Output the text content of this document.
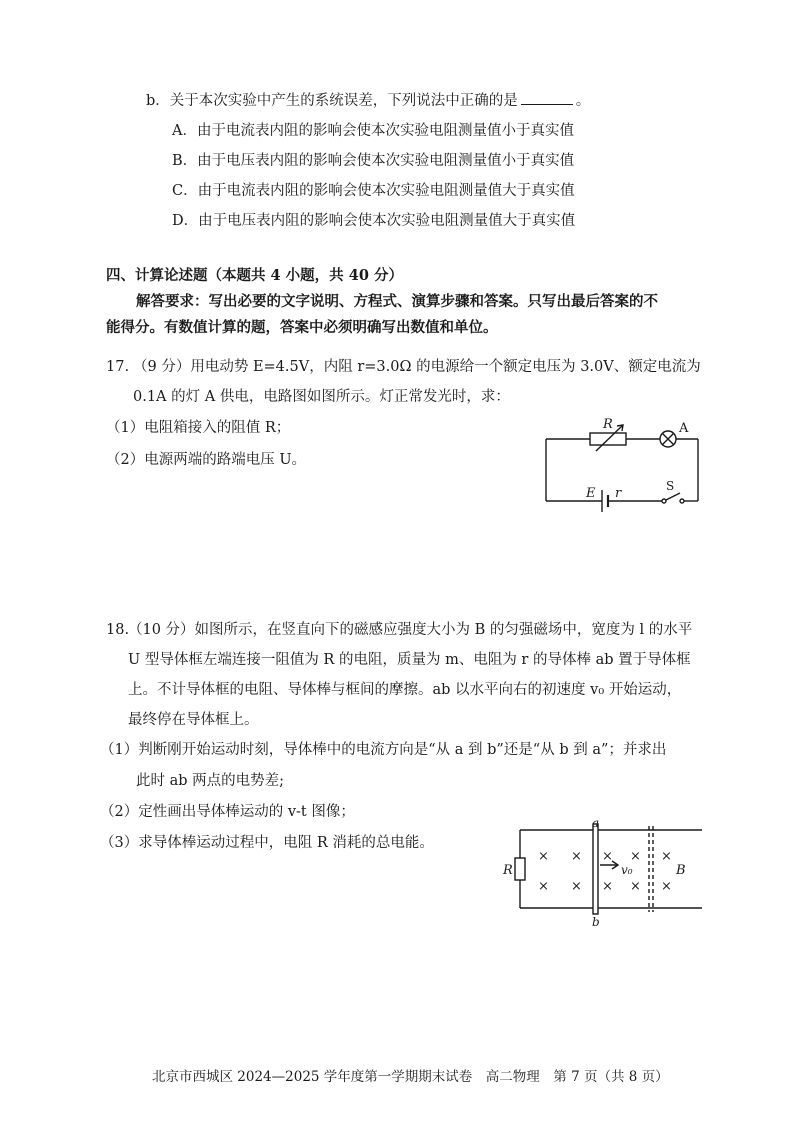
b．关于本次实验中产生的系统误差，下列说法中正确的是	。
A．由于电流表内阻的影响会使本次实验电阻测量值小于真实值
B．由于电压表内阻的影响会使本次实验电阻测量值小于真实值
C．由于电流表内阻的影响会使本次实验电阻测量值大于真实值
D．由于电压表内阻的影响会使本次实验电阻测量值大于真实值
四、计算论述题（本题共 4 小题，共 40 分）
解答要求：写出必要的文字说明、方程式、演算步骤和答案。只写出最后答案的不
能得分。有数值计算的题，答案中必须明确写出数值和单位。
17. （9 分）用电动势 E=4.5V，内阻 r=3.0Ω 的电源给一个额定电压为 3.0V、额定电流为
0.1A 的灯 A 供电，电路图如图所示。灯正常发光时，求：
（1）电阻箱接入的阻值 R；
（2）电源两端的路端电压 U。
R	A
E r	S
18.
（10 分）如图所示，在竖直向下的磁感应强度大小为 B 的匀强磁场中，宽度为 l 的水平
U 型导体框左端连接一阻值为 R 的电阻，质量为 m、电阻为 r 的导体棒 ab 置于导体框
上。不计导体框的电阻、导体棒与框间的摩擦。ab 以水平向右的初速度 v₀ 开始运动，
最终停在导体框上。
（1）判断刚开始运动时刻，导体棒中的电流方向是“从 a 到 b”还是“从 b 到 a”；并求出
此时 ab 两点的电势差;
（2）定性画出导体棒运动的 v-t 图像；
（3）求导体棒运动过程中，电阻 R 消耗的总电能。
× × × × ×
× × × × ×
a
b
R	v₀	B
北京市西城区 2024—2025 学年度第一学期期末试卷　高二物理　第 7 页（共 8 页）
